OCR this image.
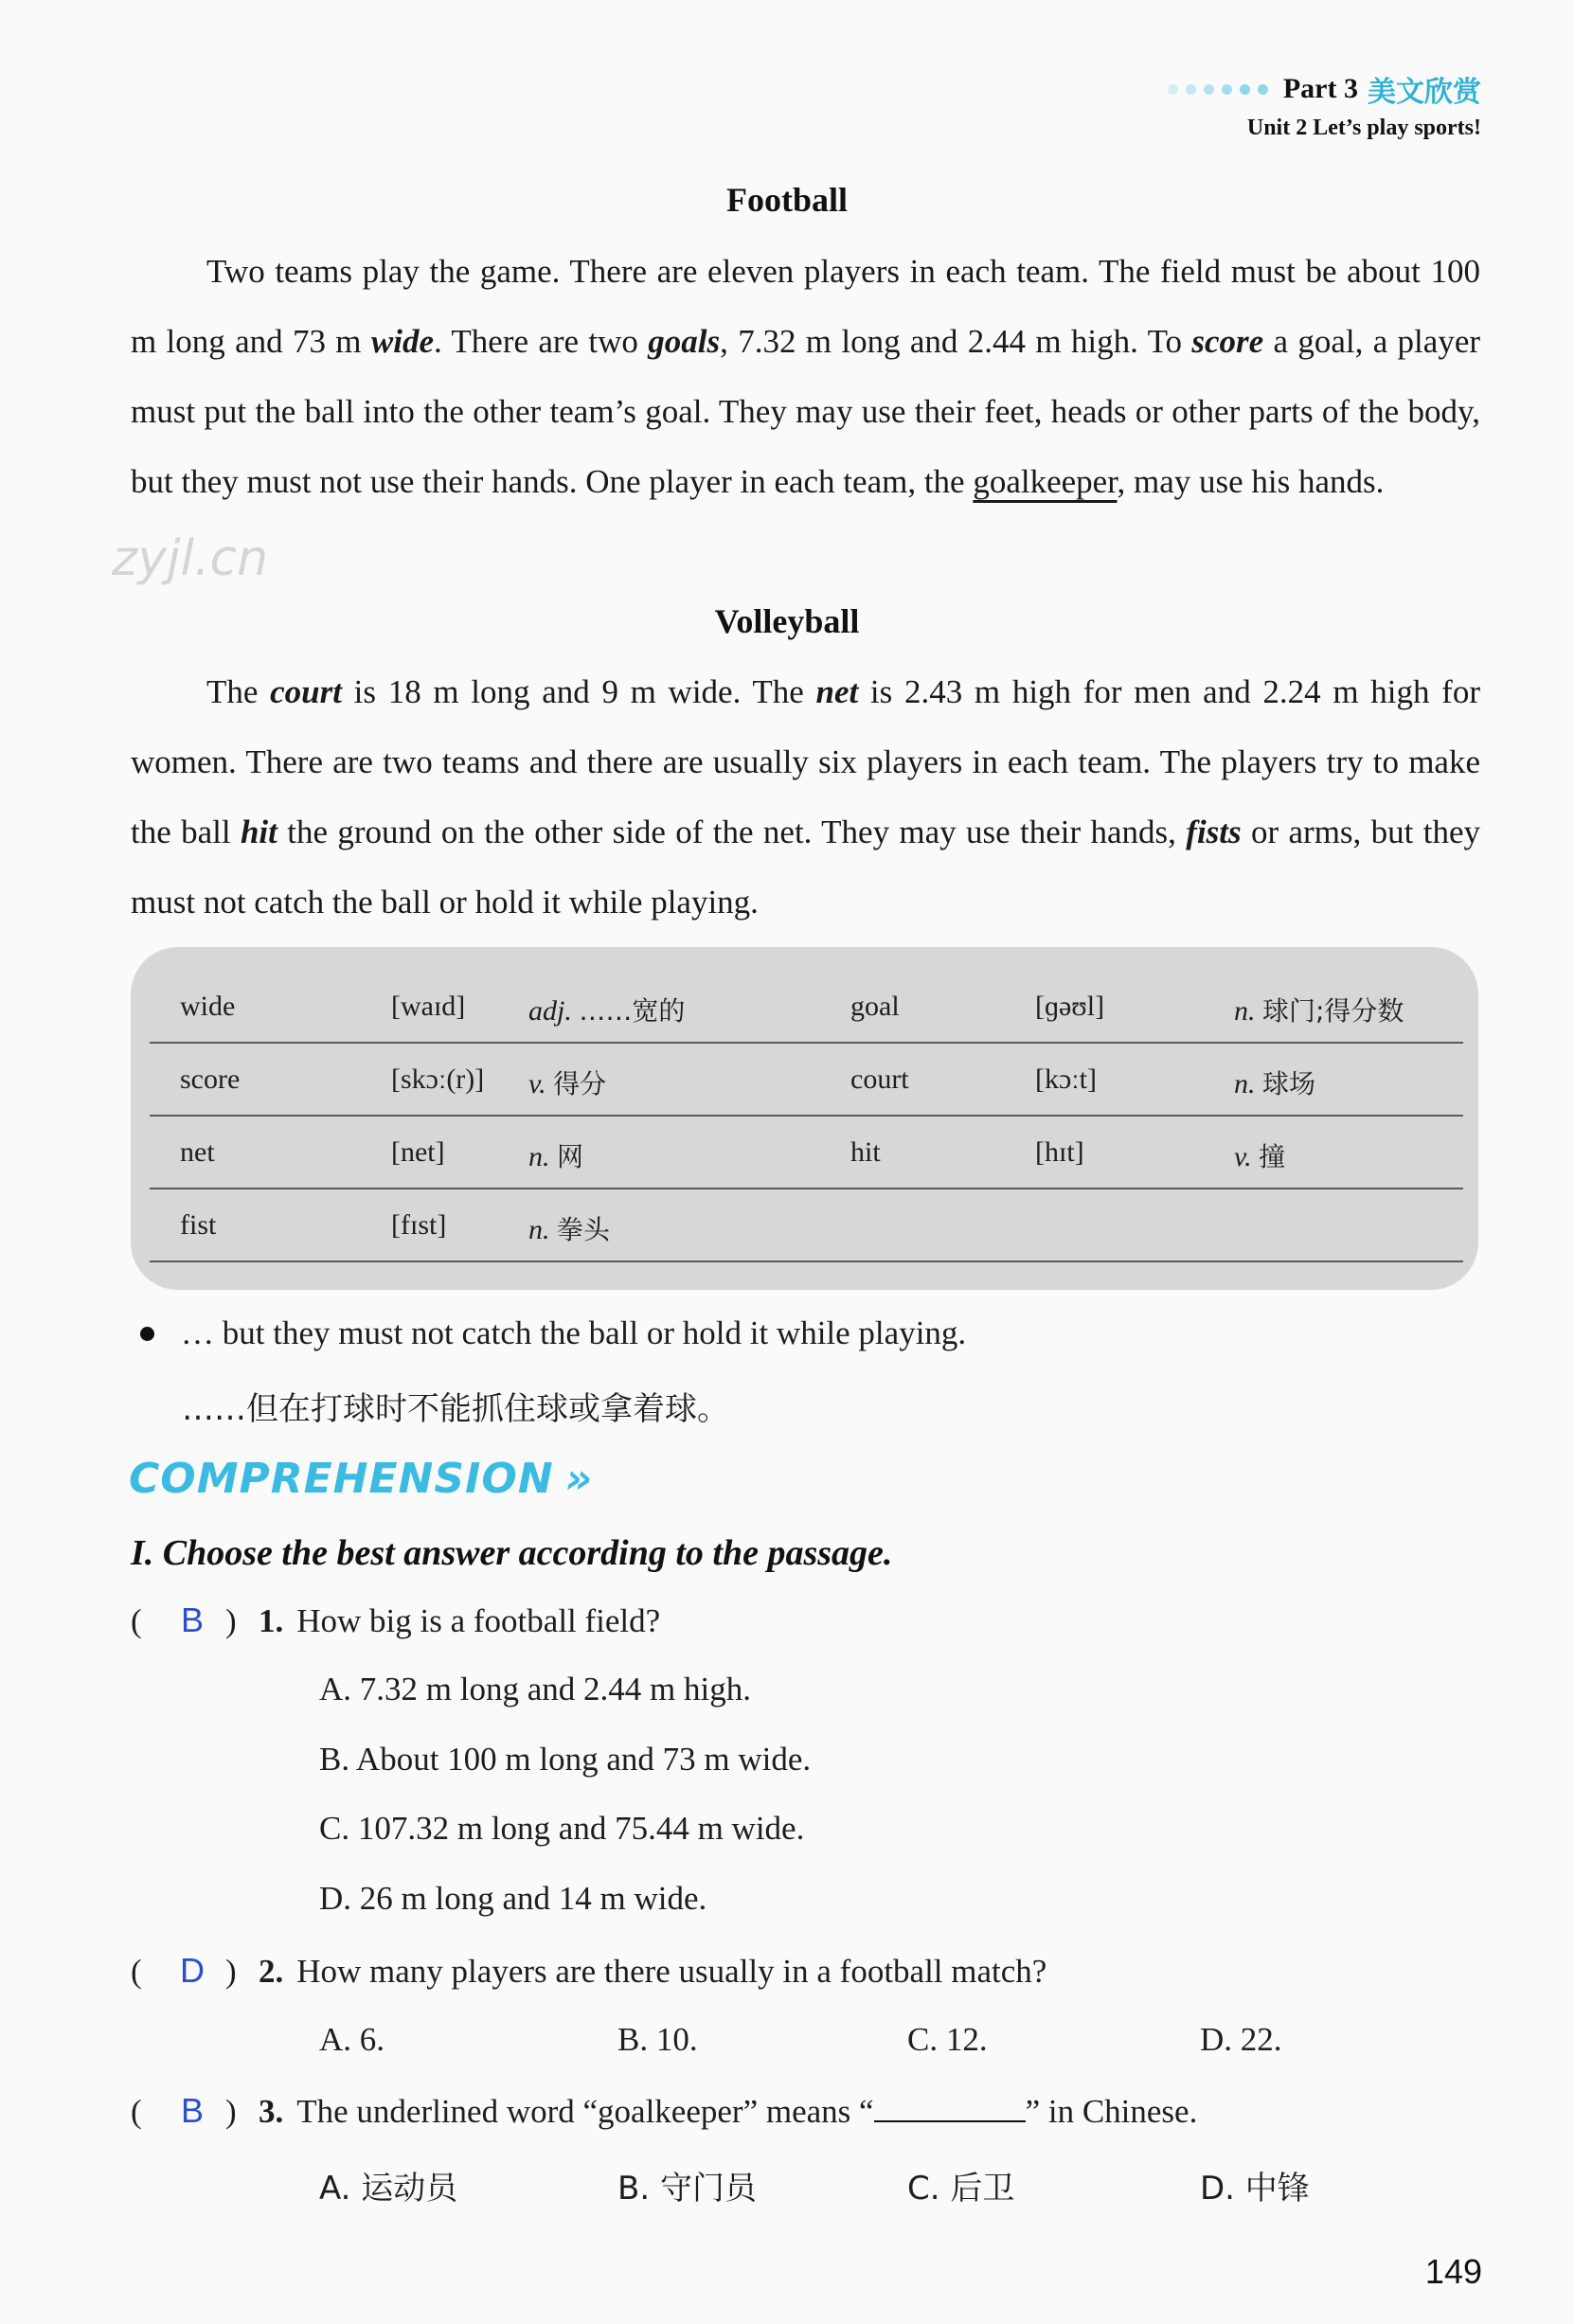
Part 3 美文欣赏
Unit 2 Let’s play sports!
Football
Two teams play the game. There are eleven players in each team. The field must be about 100 m long and 73 m wide. There are two goals, 7.32 m long and 2.44 m high. To score a goal, a player must put the ball into the other team’s goal. They may use their feet, heads or other parts of the body, but they must not use their hands. One player in each team, the goalkeeper, may use his hands.
zyjl.cn
Volleyball
The court is 18 m long and 9 m wide. The net is 2.43 m high for men and 2.24 m high for women. There are two teams and there are usually six players in each team. The players try to make the ball hit the ground on the other side of the net. They may use their hands, fists or arms, but they must not catch the ball or hold it while playing.
wide	[waɪd] adj. ……宽的	goal	[ɡəʊl]	n. 球门;得分数
score	[skɔː(r)] v. 得分	court	[kɔːt]	n. 球场
net	[net]	n. 网	hit	[hɪt]	v. 撞
fist	[fɪst]	n. 拳头
… but they must not catch the ball or hold it while playing.
……但在打球时不能抓住球或拿着球。
COMPREHENSION »
I. Choose the best answer according to the passage.
( B ) 1. How big is a football field?
A. 7.32 m long and 2.44 m high.
B. About 100 m long and 73 m wide.
C. 107.32 m long and 75.44 m wide.
D. 26 m long and 14 m wide.
( D ) 2. How many players are there usually in a football match?
A. 6.	B. 10.	C. 12.	D. 22.
( B ) 3. The underlined word “goalkeeper” means “	” in Chinese.
A. 运动员	B. 守门员	C. 后卫	D. 中锋
149
